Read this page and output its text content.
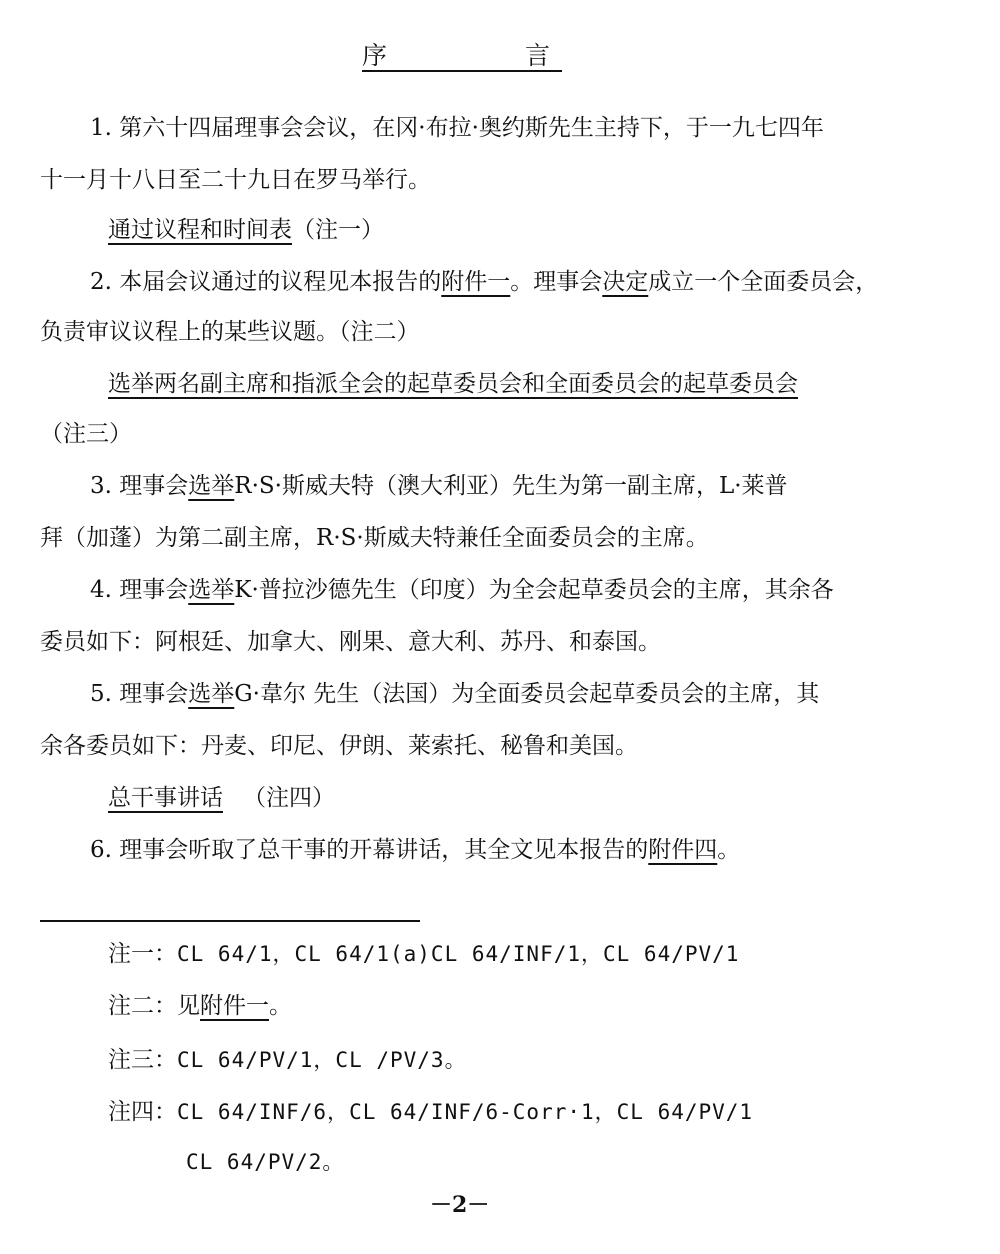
序	言
1. 第六十四届理事会会议，在冈·布拉·奥约斯先生主持下，于一九七四年
十一月十八日至二十九日在罗马举行。
通过议程和时间表（注一）
2. 本届会议通过的议程见本报告的附件一。理事会决定成立一个全面委员会，
负责审议议程上的某些议题。（注二）
选举两名副主席和指派全会的起草委员会和全面委员会的起草委员会
（注三）
3. 理事会选举R·S·斯威夫特（澳大利亚）先生为第一副主席，L·莱普
拜（加蓬）为第二副主席，R·S·斯威夫特兼任全面委员会的主席。
4. 理事会选举K·普拉沙德先生（印度）为全会起草委员会的主席，其余各
委员如下：阿根廷、加拿大、刚果、意大利、苏丹、和泰国。
5. 理事会选举G·韋尔 先生（法国）为全面委员会起草委员会的主席，其
余各委员如下：丹麦、印尼、伊朗、莱索托、秘鲁和美国。
总干事讲话 （注四）
6. 理事会听取了总干事的开幕讲话，其全文见本报告的附件四。
注一：CL 64/1，CL 64/1(a)CL 64/INF/1，CL 64/PV/1
注二：见附件一。
注三：CL 64/PV/1，CL /PV/3。
注四：CL 64/INF/6，CL 64/INF/6-Corr·1，CL 64/PV/1
CL 64/PV/2。
－2－
